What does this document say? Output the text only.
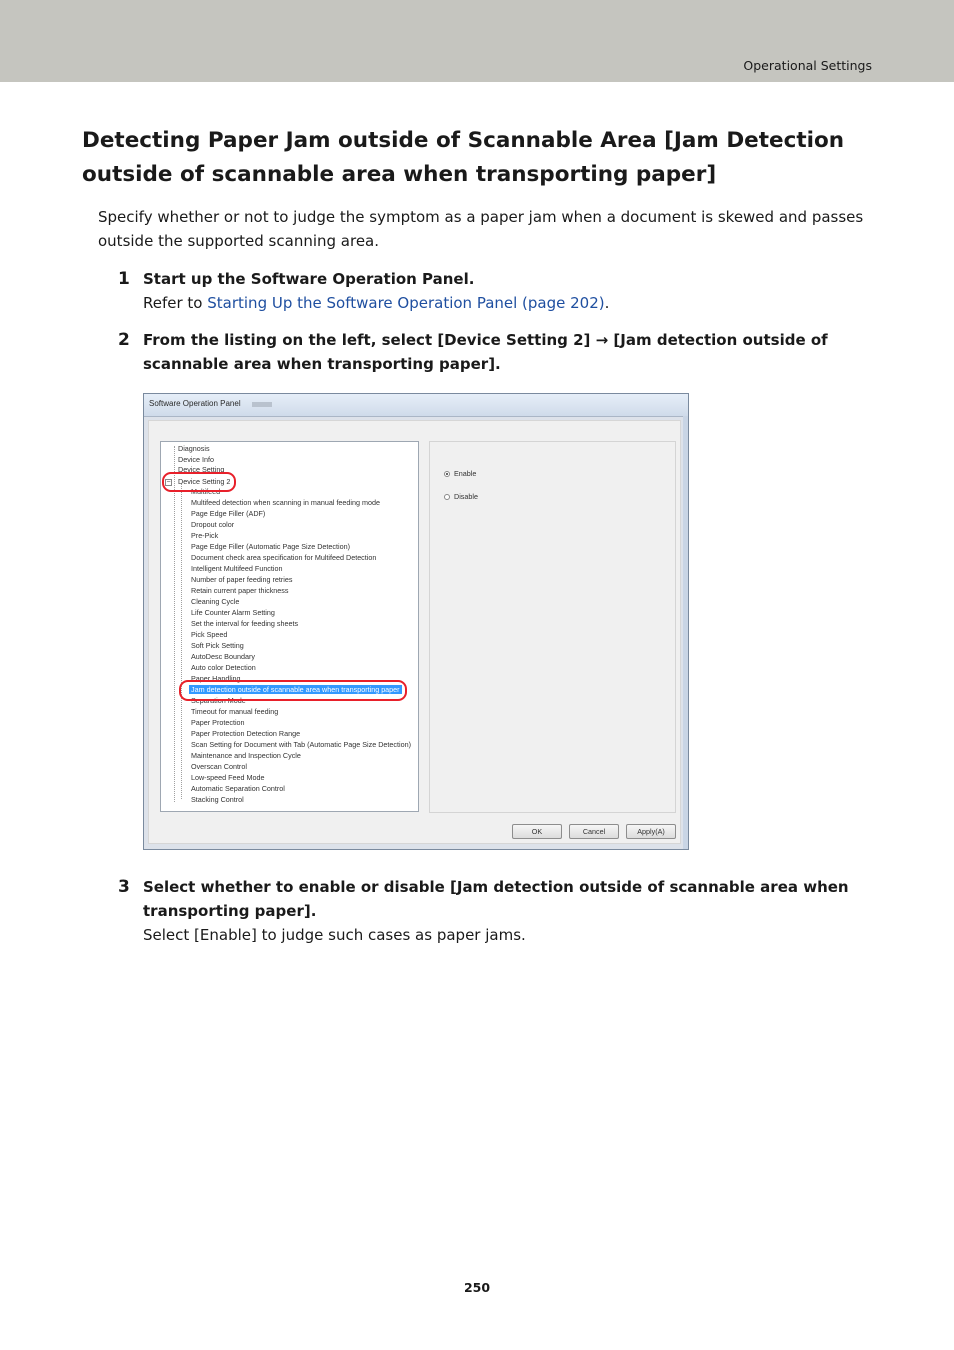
Operational Settings
Detecting Paper Jam outside of Scannable Area [Jam Detection outside of scannable area when transporting paper]

Specify whether or not to judge the symptom as a paper jam when a document is skewed and passes outside the supported scanning area.

1 Start up the Software Operation Panel.

Refer to Starting Up the Software Operation Panel (page 202).

2 From the listing on the left, select [Device Setting 2] → [Jam detection outside of scannable area when transporting paper].

Software Operation Panel
−
Diagnosis
Device Info
Device Setting
Device Setting 2
Multifeed
Multifeed detection when scanning in manual feeding mode
Page Edge Filler (ADF)
Dropout color
Pre-Pick
Page Edge Filler (Automatic Page Size Detection)
Document check area specification for Multifeed Detection
Intelligent Multifeed Function
Number of paper feeding retries
Retain current paper thickness
Cleaning Cycle
Life Counter Alarm Setting
Set the interval for feeding sheets
Pick Speed
Soft Pick Setting
AutoDesc Boundary
Auto color Detection
Paper Handling
Jam detection outside of scannable area when transporting paper
Separation Mode
Timeout for manual feeding
Paper Protection
Paper Protection Detection Range
Scan Setting for Document with Tab (Automatic Page Size Detection)
Maintenance and Inspection Cycle
Overscan Control
Low-speed Feed Mode
Automatic Separation Control
Stacking Control
Enable
Disable
OK	Cancel	Apply(A)
3 Select whether to enable or disable [Jam detection outside of scannable area when transporting paper].

Select [Enable] to judge such cases as paper jams.

250
